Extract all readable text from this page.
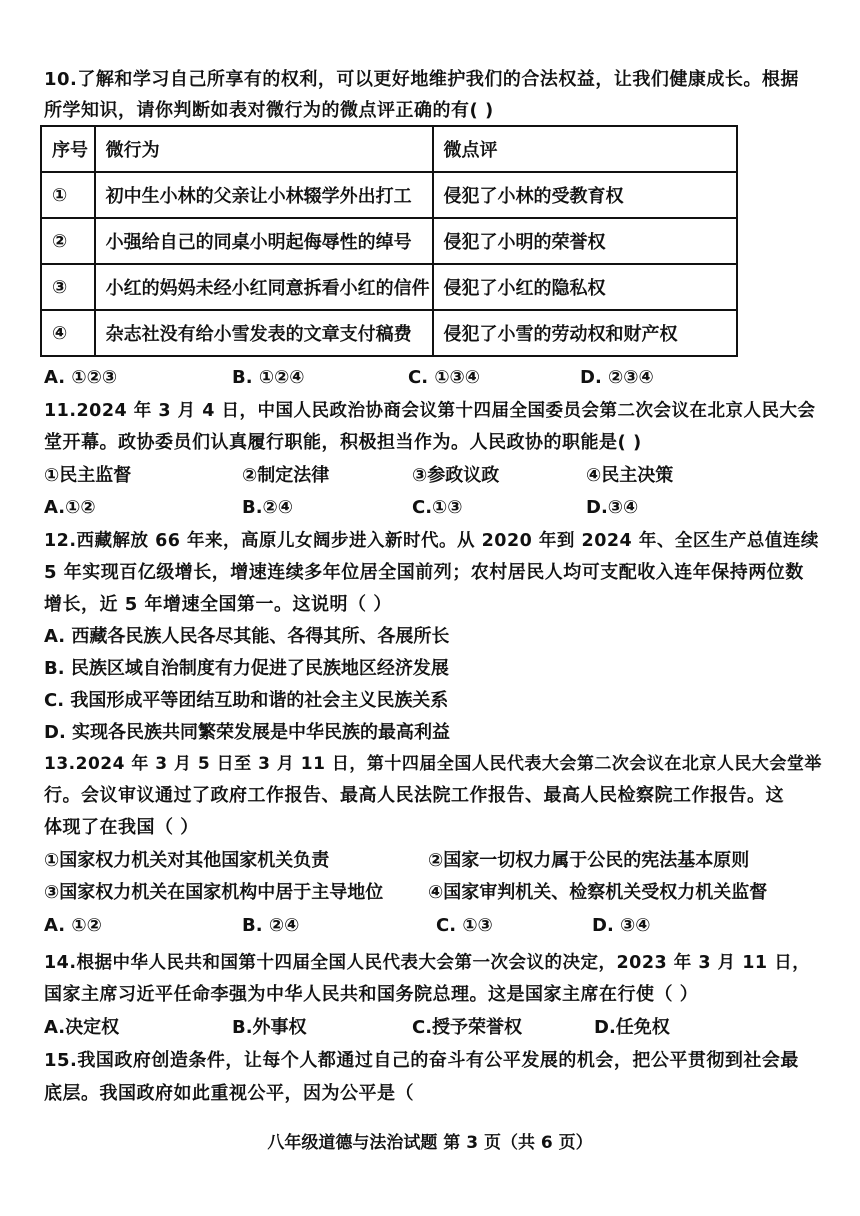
10.了解和学习自己所享有的权利，可以更好地维护我们的合法权益，让我们健康成长。根据
所学知识，请你判断如表对微行为的微点评正确的有( )
序号	微行为	微点评
①	初中生小林的父亲让小林辍学外出打工	侵犯了小林的受教育权
②	小强给自己的同桌小明起侮辱性的绰号	侵犯了小明的荣誉权
③	小红的妈妈未经小红同意拆看小红的信件	侵犯了小红的隐私权
④	杂志社没有给小雪发表的文章支付稿费	侵犯了小雪的劳动权和财产权
A. ①②③	B. ①②④	C. ①③④	D. ②③④
11.2024 年 3 月 4 日，中国人民政治协商会议第十四届全国委员会第二次会议在北京人民大会
堂开幕。政协委员们认真履行职能，积极担当作为。人民政协的职能是( )
①民主监督	②制定法律	③参政议政	④民主决策
A.①②	B.②④	C.①③	D.③④
12.西藏解放 66 年来，高原儿女阔步进入新时代。从 2020 年到 2024 年、全区生产总值连续
5 年实现百亿级增长，增速连续多年位居全国前列；农村居民人均可支配收入连年保持两位数
增长，近 5 年增速全国第一。这说明（ ）
A. 西藏各民族人民各尽其能、各得其所、各展所长
B. 民族区域自治制度有力促进了民族地区经济发展
C. 我国形成平等团结互助和谐的社会主义民族关系
D. 实现各民族共同繁荣发展是中华民族的最高利益
13.2024 年 3 月 5 日至 3 月 11 日，第十四届全国人民代表大会第二次会议在北京人民大会堂举
行。会议审议通过了政府工作报告、最高人民法院工作报告、最高人民检察院工作报告。这
体现了在我国（ ）
①国家权力机关对其他国家机关负责	②国家一切权力属于公民的宪法基本原则
③国家权力机关在国家机构中居于主导地位 ④国家审判机关、检察机关受权力机关监督
A. ①②	B. ②④	C. ①③	D. ③④
14.根据中华人民共和国第十四届全国人民代表大会第一次会议的决定，2023 年 3 月 11 日，
国家主席习近平任命李强为中华人民共和国务院总理。这是国家主席在行使（ ）
A.决定权	B.外事权	C.授予荣誉权	D.任免权
15.我国政府创造条件，让每个人都通过自己的奋斗有公平发展的机会，把公平贯彻到社会最
底层。我国政府如此重视公平，因为公平是（
八年级道德与法治试题 第 3 页（共 6 页）
